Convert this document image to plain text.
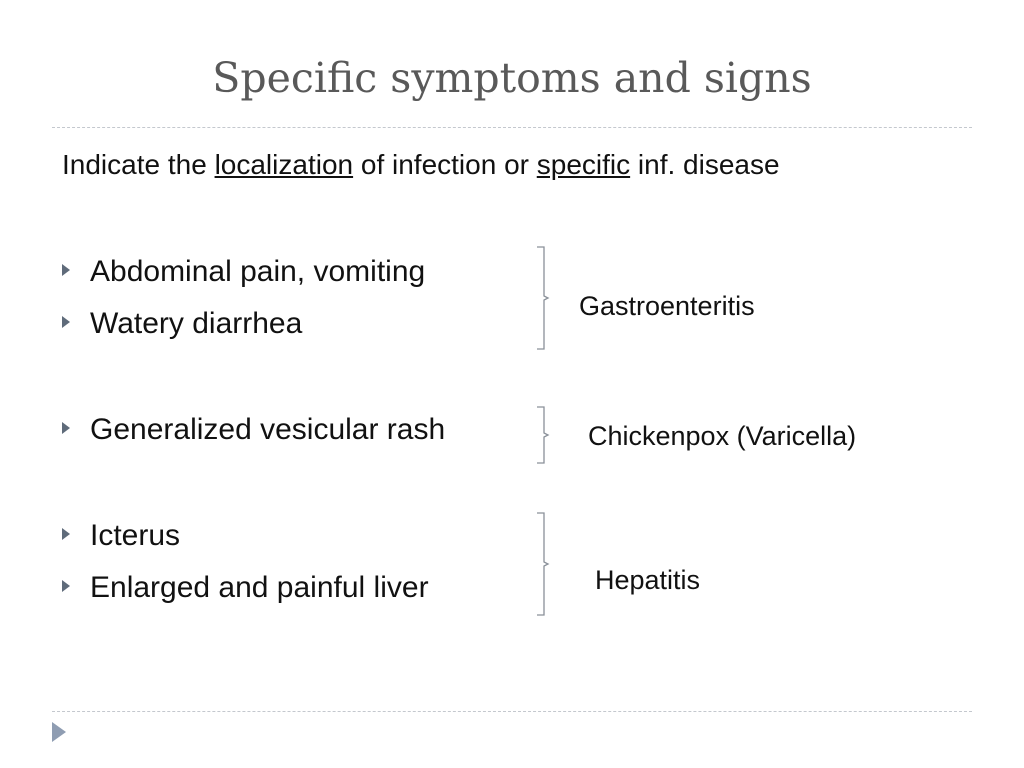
Specific symptoms and signs
Indicate the localization of infection or specific inf. disease
Abdominal pain, vomiting
Watery diarrhea
Gastroenteritis
Generalized vesicular rash	Chickenpox (Varicella)
Icterus
Enlarged and painful liver	Hepatitis
